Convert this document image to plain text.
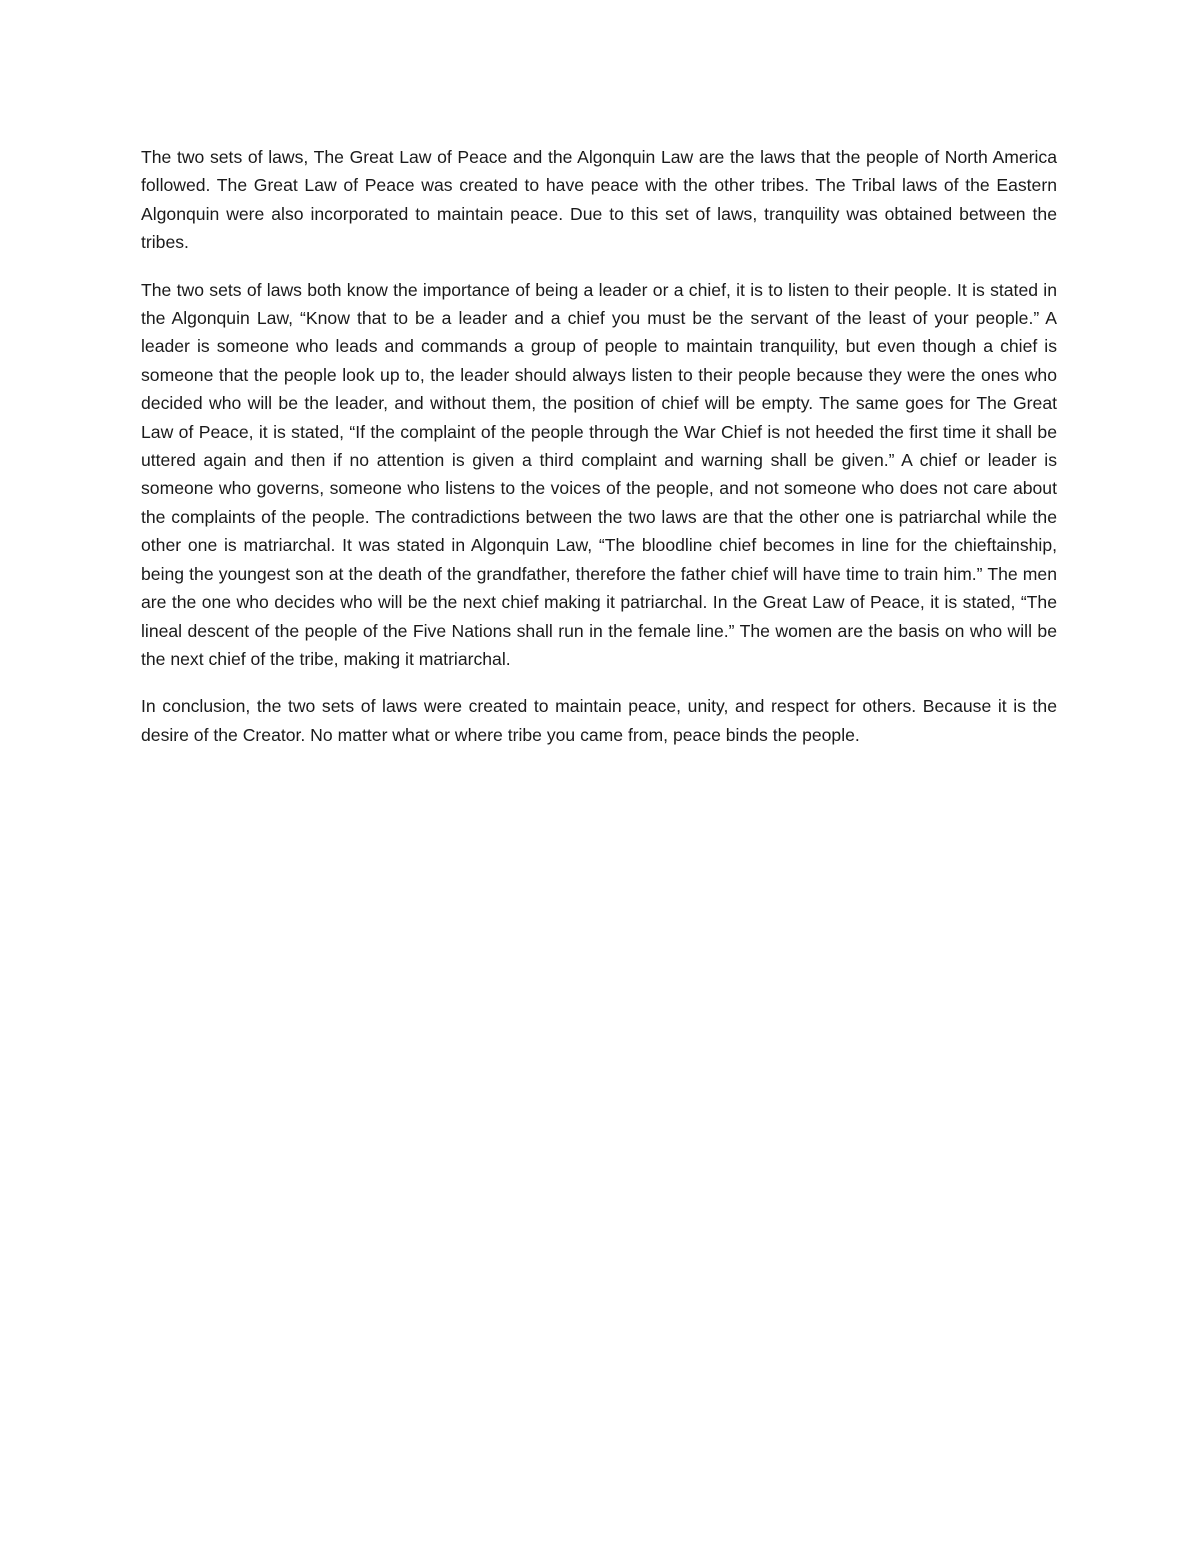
The two sets of laws, The Great Law of Peace and the Algonquin Law are the laws that the people of North America followed. The Great Law of Peace was created to have peace with the other tribes. The Tribal laws of the Eastern Algonquin were also incorporated to maintain peace. Due to this set of laws, tranquility was obtained between the tribes.

The two sets of laws both know the importance of being a leader or a chief, it is to listen to their people. It is stated in the Algonquin Law, “Know that to be a leader and a chief you must be the servant of the least of your people.” A leader is someone who leads and commands a group of people to maintain tranquility, but even though a chief is someone that the people look up to, the leader should always listen to their people because they were the ones who decided who will be the leader, and without them, the position of chief will be empty. The same goes for The Great Law of Peace, it is stated, “If the complaint of the people through the War Chief is not heeded the first time it shall be uttered again and then if no attention is given a third complaint and warning shall be given.” A chief or leader is someone who governs, someone who listens to the voices of the people, and not someone who does not care about the complaints of the people. The contradictions between the two laws are that the other one is patriarchal while the other one is matriarchal. It was stated in Algonquin Law, “The bloodline chief becomes in line for the chieftainship, being the youngest son at the death of the grandfather, therefore the father chief will have time to train him.” The men are the one who decides who will be the next chief making it patriarchal. In the Great Law of Peace, it is stated, “The lineal descent of the people of the Five Nations shall run in the female line.” The women are the basis on who will be the next chief of the tribe, making it matriarchal.

In conclusion, the two sets of laws were created to maintain peace, unity, and respect for others. Because it is the desire of the Creator. No matter what or where tribe you came from, peace binds the people.
